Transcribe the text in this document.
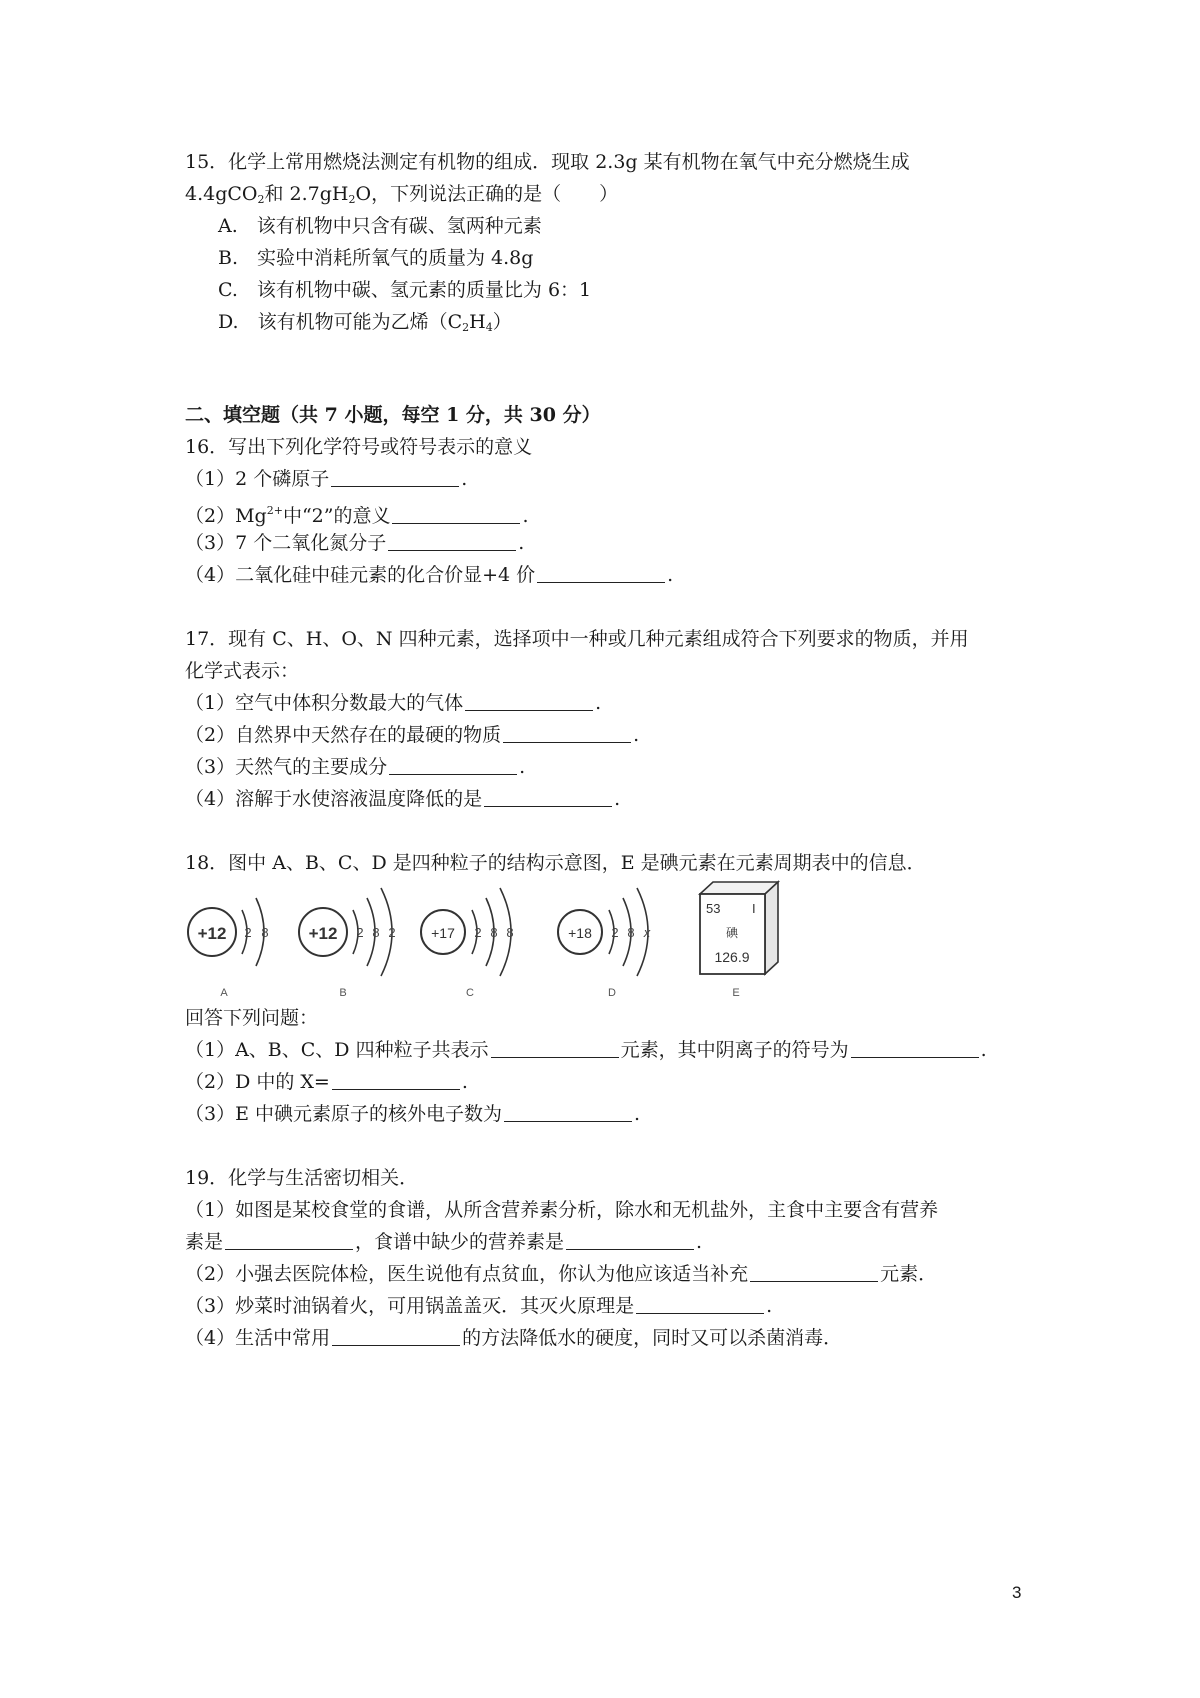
15．化学上常用燃烧法测定有机物的组成．现取 2.3g 某有机物在氧气中充分燃烧生成
4.4gCO$_2$和 $2.7gH_2O$，下列说法正确的是（　　）
A.　该有机物中只含有碳、氢两种元素
B.　实验中消耗所氧气的质量为 4.8g
C.　该有机物中碳、氢元素的质量比为 6：1
D.　该有机物可能为乙烯$(C_2H_4)$
二、填空题（共 7 小题，每空 1 分，共 30 分）
16．写出下列化学符号或符号表示的意义
（1）2 个磷原子	.
$(2)Mg^{2+}$中“2”的意义	.
（3）7 个二氧化氮分子	.
（4）二氧化硅中硅元素的化合价显+4 价	.
17．现有 C、H、O、N 四种元素，选择项中一种或几种元素组成符合下列要求的物质，并用
化学式表示：
（1）空气中体积分数最大的气体	.
（2）自然界中天然存在的最硬的物质	.
（3）天然气的主要成分	.
（4）溶解于水使溶液温度降低的是	.
18．图中 A、B、C、D 是四种粒子的结构示意图，E 是碘元素在元素周期表中的信息．
+12 2 8
A
+12 2 8 2
B
+17 2 8 8
C
+18 2 8 x
D
53 I
碘
126.9
E
回答下列问题：
（1）A、B、C、D 四种粒子共表示	元素，其中阴离子的符号为	.
（2）D 中的 X=	.
（3）E 中碘元素原子的核外电子数为	.
19．化学与生活密切相关．
（1）如图是某校食堂的食谱，从所含营养素分析，除水和无机盐外，主食中主要含有营养
素是	，食谱中缺少的营养素是	.
（2）小强去医院体检，医生说他有点贫血，你认为他应该适当补充	元素．
（3）炒菜时油锅着火，可用锅盖盖灭．其灭火原理是	.
（4）生活中常用	的方法降低水的硬度，同时又可以杀菌消毒．
3
